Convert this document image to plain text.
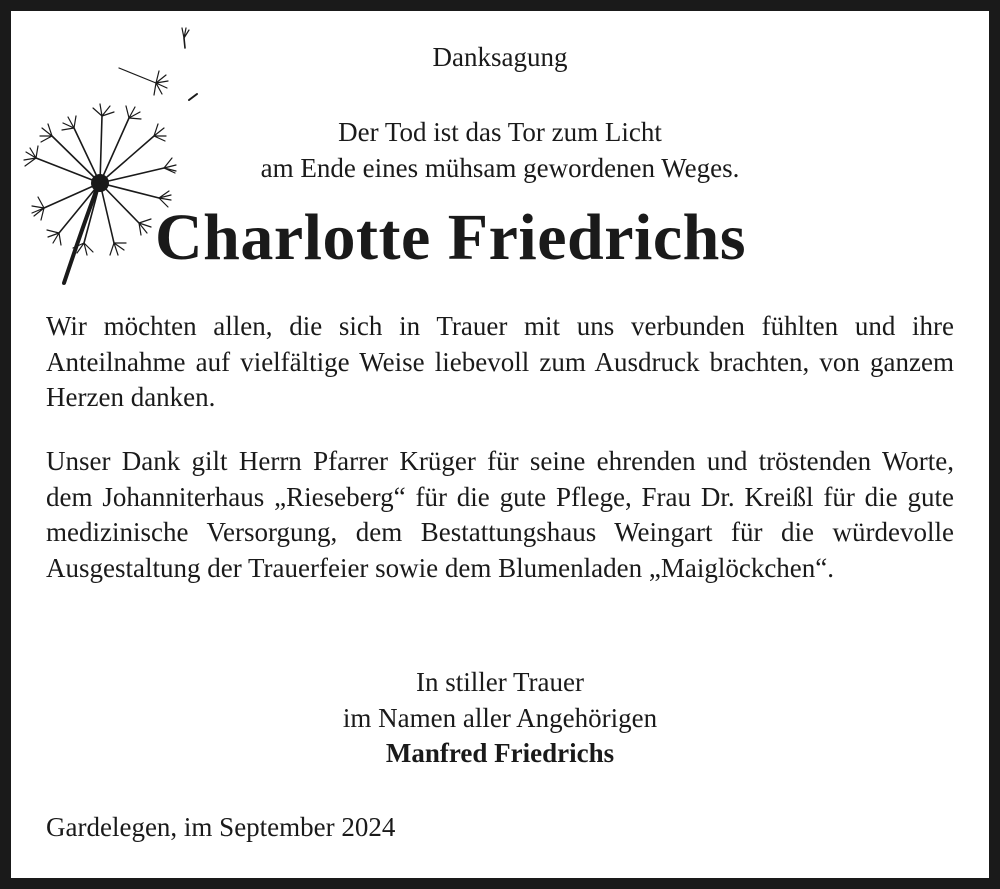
Danksagung

Der Tod ist das Tor zum Licht
am Ende eines mühsam gewordenen Weges.

Charlotte Friedrichs

Wir möchten allen, die sich in Trauer mit uns verbunden fühlten und ihre Anteilnahme auf vielfältige Weise liebevoll zum Ausdruck brachten, von ganzem Herzen danken.

Unser Dank gilt Herrn Pfarrer Krüger für seine ehrenden und tröstenden Worte, dem Johanniterhaus „Rieseberg“ für die gute Pflege, Frau Dr. Kreißl für die gute medizinische Versorgung, dem Bestattungshaus Weingart für die würdevolle Ausgestaltung der Trauerfeier sowie dem Blumenladen „Maiglöckchen“.

In stiller Trauer
im Namen aller Angehörigen
Manfred Friedrichs

Gardelegen, im September 2024
